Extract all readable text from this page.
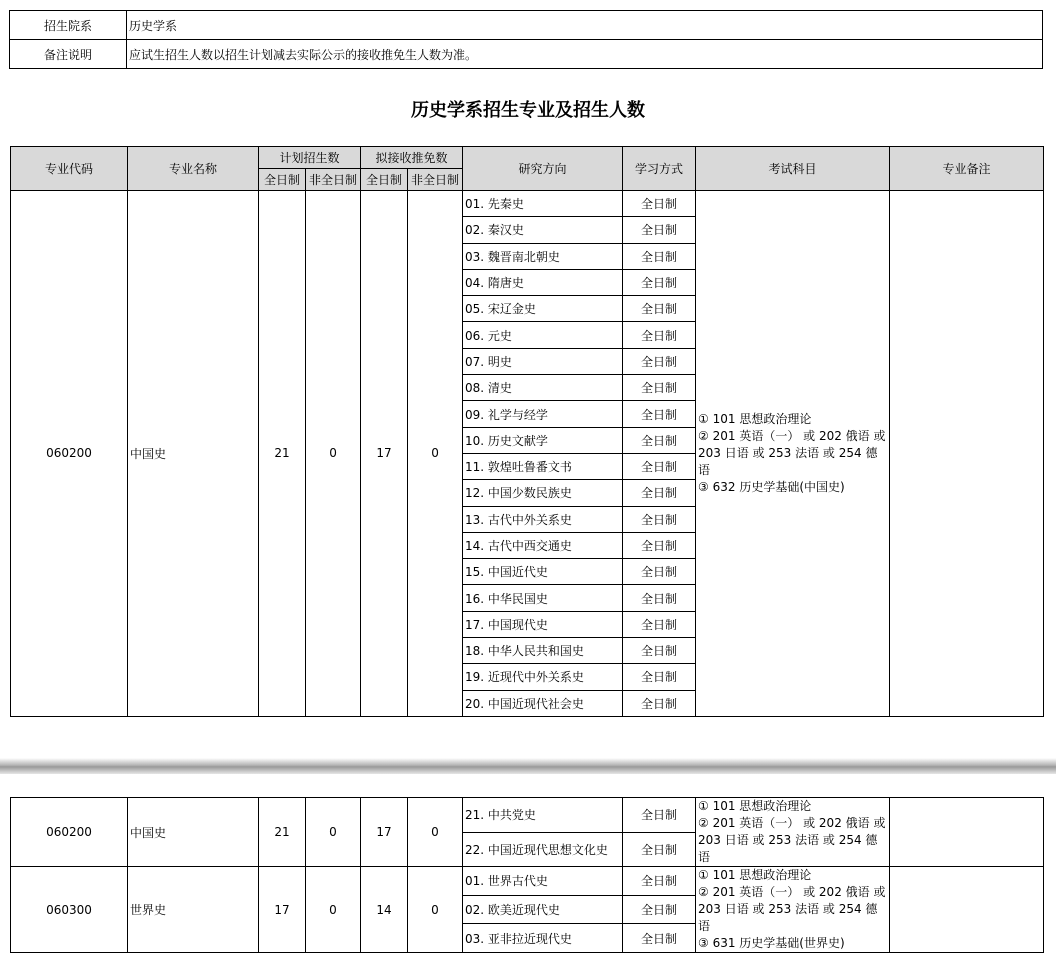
招生院系	历史学系
备注说明	应试生招生人数以招生计划减去实际公示的接收推免生人数为准。
历史学系招生专业及招生人数
专业代码	专业名称	计划招生数		拟接收推免数		研究方向	学习方式	考试科目	专业备注
		全日制	非全日制	全日制	非全日制				
060200	中国史	21	0	17	0	01. 先秦史	全日制	① 101 思想政治理论
② 201 英语（一） 或 202 俄语 或
203 日语 或 253 法语 或 254 德语
③ 632 历史学基础(中国史)	

						02. 秦汉史	全日制		
						03. 魏晋南北朝史	全日制		
						04. 隋唐史	全日制		
						05. 宋辽金史	全日制		
						06. 元史	全日制		
						07. 明史	全日制		
						08. 清史	全日制		
						09. 礼学与经学	全日制		
						10. 历史文献学	全日制		
						11. 敦煌吐鲁番文书	全日制		
						12. 中国少数民族史	全日制		
						13. 古代中外关系史	全日制		
						14. 古代中西交通史	全日制		
						15. 中国近代史	全日制		
						16. 中华民国史	全日制		
						17. 中国现代史	全日制		
						18. 中华人民共和国史	全日制		
						19. 近现代中外关系史	全日制		
						20. 中国近现代社会史	全日制		
060200	中国史	21	0	17	0	21. 中共党史	全日制	① 101 思想政治理论
② 201 英语（一） 或 202 俄语 或
203 日语 或 253 法语 或 254 德语	

						22. 中国近现代思想文化史	全日制		
060300	世界史	17	0	14	0	01. 世界古代史	全日制	① 101 思想政治理论
② 201 英语（一） 或 202 俄语 或
203 日语 或 253 法语 或 254 德语
③ 631 历史学基础(世界史)	

						02. 欧美近现代史	全日制		
						03. 亚非拉近现代史	全日制		
